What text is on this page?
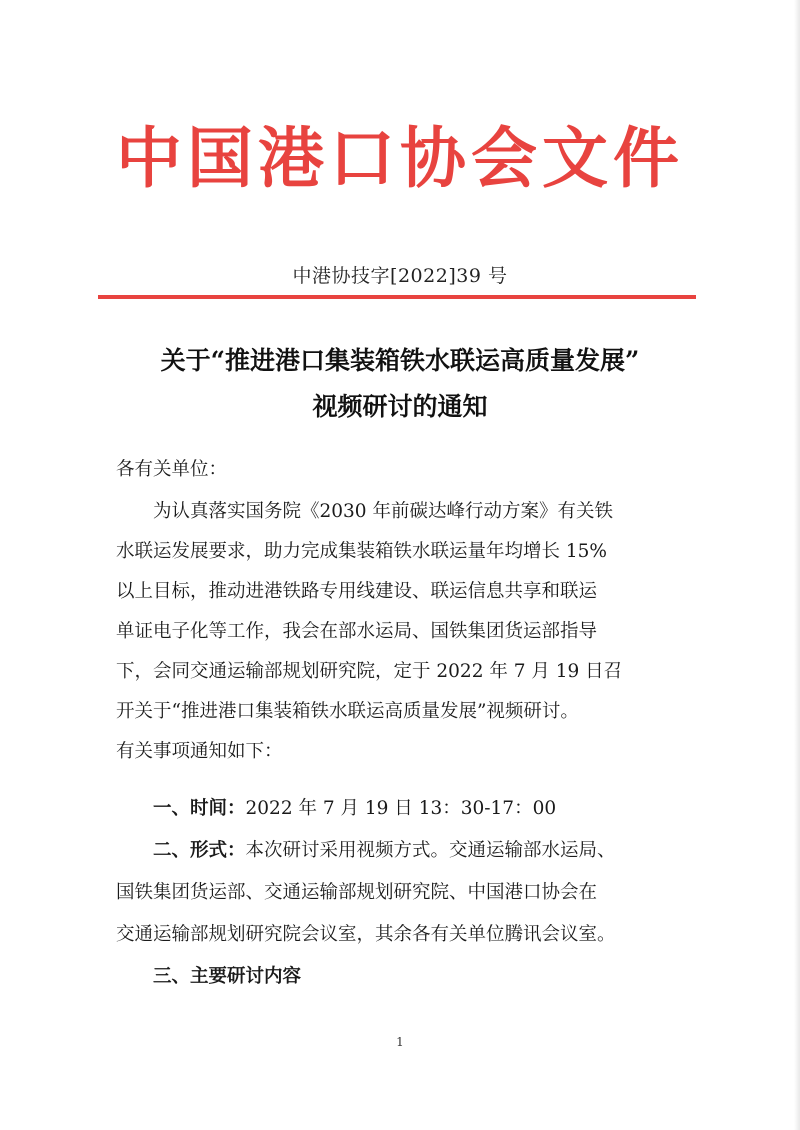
中国港口协会文件
中港协技字[2022]39 号
关于“推进港口集装箱铁水联运高质量发展”
视频研讨的通知
各有关单位：
　　为认真落实国务院《2030 年前碳达峰行动方案》有关铁
水联运发展要求，助力完成集装箱铁水联运量年均增长 15%
以上目标，推动进港铁路专用线建设、联运信息共享和联运
单证电子化等工作，我会在部水运局、国铁集团货运部指导
下，会同交通运输部规划研究院，定于 2022 年 7 月 19 日召
开关于“推进港口集装箱铁水联运高质量发展”视频研讨。
有关事项通知如下：
一、时间：2022 年 7 月 19 日 13：30-17：00
二、形式：本次研讨采用视频方式。交通运输部水运局、
国铁集团货运部、交通运输部规划研究院、中国港口协会在
交通运输部规划研究院会议室，其余各有关单位腾讯会议室。
三、主要研讨内容
1
